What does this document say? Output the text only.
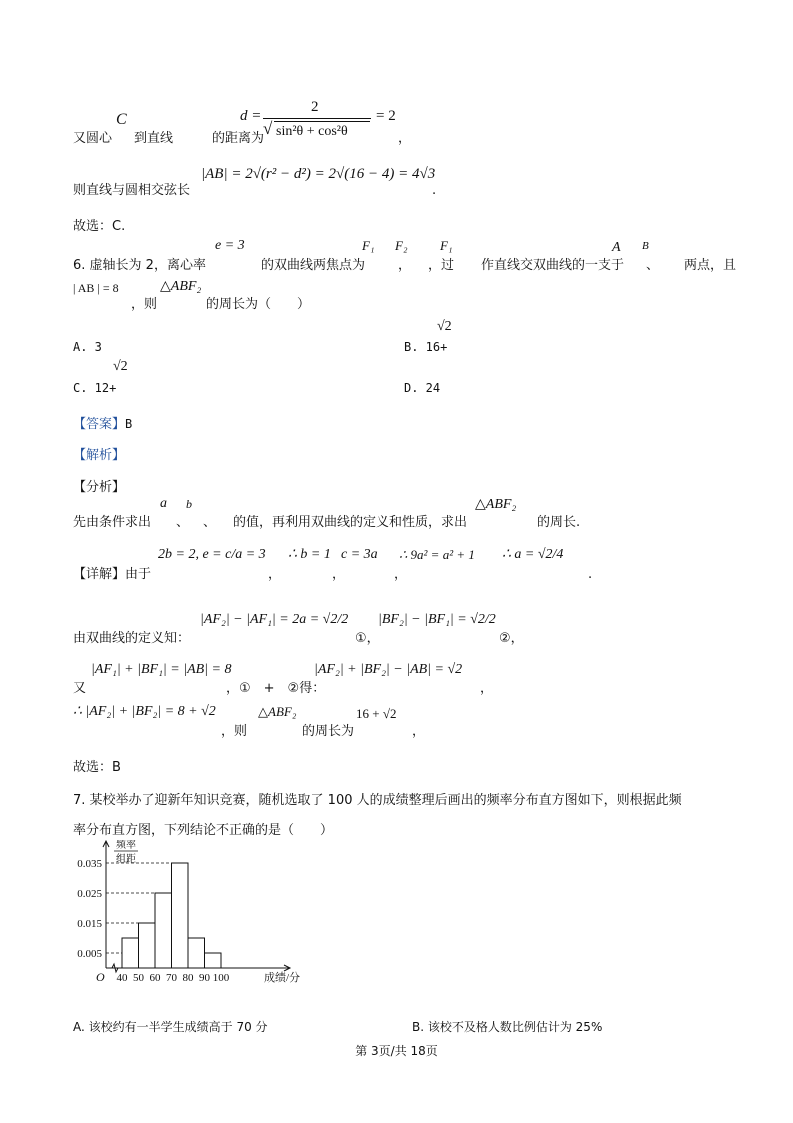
C
又圆心 到直线	的距离为
d =
2
√ sin²θ + cos²θ
= 2
，
|AB| = 2√(r² − d²) = 2√(16 − 4) = 4√3
则直线与圆相交弦长	.
故选：C.
e = 3	F₁ F₂	F₁	A B
6. 虚轴长为 2，离心率	的双曲线两焦点为	， ，过 作直线交双曲线的一支于 、 两点，且
| AB | = 8	△ABF₂
，则	的周长为（　　）
√2
A. 3	B. 16+
√2
C. 12+	D. 24
【答案】B
【解析】
【分析】
a b	△ABF₂
先由条件求出 、 、 的值，再利用双曲线的定义和性质，求出	的周长.
2b = 2, e = c/a = 3
【详解】由于	，
∴ b = 1
，
c = 3a
，
∴ 9a² = a² + 1 ∴ a = √2/4
.
|AF₂| − |AF₁| = 2a = √2/2 |BF₂| − |BF₁| = √2/2
由双曲线的定义知：	①，	②，
|AF₁| + |BF₁| = |AB| = 8	|AF₂| + |BF₂| − |AB| = √2
又	，①　+　②得：	，
∴ |AF₂| + |BF₂| = 8 + √2	△ABF₂	16 + √2
，则	的周长为	，
故选：B
7. 某校举办了迎新年知识竞赛，随机选取了 100 人的成绩整理后画出的频率分布直方图如下，则根据此频
率分布直方图，下列结论不正确的是（　　）
0.005
0.015
0.025
0.035
40 50 60 70 80 90 100
O	成绩/分
频率
组距
A. 该校约有一半学生成绩高于 70 分	B. 该校不及格人数比例估计为 25%
第 3页/共 18页
